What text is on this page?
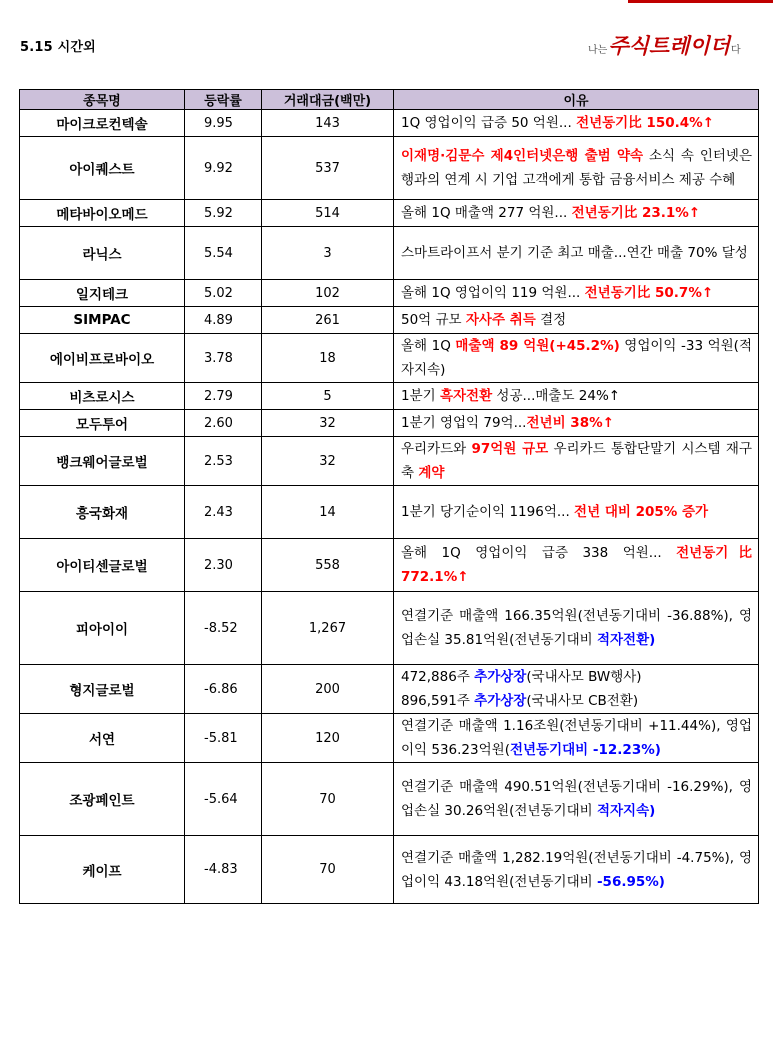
5.15 시간외	나는 주식트레이더 다
종목명	등락률	거래대금(백만)	이유
마이크로컨텍솔	9.95	143	1Q 영업이익 급증 50 억원... 전년동기比 150.4%↑
아이퀘스트	9.92	537	이재명·김문수 제4인터넷은행 출범 약속 소식 속 인터넷은행과의 연계 시 기업 고객에게 통합 금융서비스 제공 수혜
메타바이오메드	5.92	514	올해 1Q 매출액 277 억원... 전년동기比 23.1%↑
라닉스	5.54	3	스마트라이프서 분기 기준 최고 매출...연간 매출 70% 달성
일지테크	5.02	102	올해 1Q 영업이익 119 억원... 전년동기比 50.7%↑
SIMPAC	4.89	261	50억 규모 자사주 취득 결정
에이비프로바이오	3.78	18	올해 1Q 매출액 89 억원(+45.2%) 영업이익 -33 억원(적자지속)
비츠로시스	2.79	5	1분기 흑자전환 성공...매출도 24%↑
모두투어	2.60	32	1분기 영업익 79억...전년비 38%↑
뱅크웨어글로벌	2.53	32	우리카드와 97억원 규모 우리카드 통합단말기 시스템 재구축 계약
흥국화재	2.43	14	1분기 당기순이익 1196억... 전년 대비 205% 증가
아이티센글로벌	2.30	558	올해 1Q 영업이익 급증 338 억원... 전년동기比 772.1%↑
피아이이	-8.52	1,267	연결기준 매출액 166.35억원(전년동기대비 -36.88%), 영업손실 35.81억원(전년동기대비 적자전환)
형지글로벌	-6.86	200	472,886주 추가상장(국내사모 BW행사)
896,591주 추가상장(국내사모 CB전환)

서연	-5.81	120	연결기준 매출액 1.16조원(전년동기대비 +11.44%), 영업이익 536.23억원(전년동기대비 -12.23%)
조광페인트	-5.64	70	연결기준 매출액 490.51억원(전년동기대비 -16.29%), 영업손실 30.26억원(전년동기대비 적자지속)
케이프	-4.83	70	연결기준 매출액 1,282.19억원(전년동기대비 -4.75%), 영업이익 43.18억원(전년동기대비 -56.95%)
